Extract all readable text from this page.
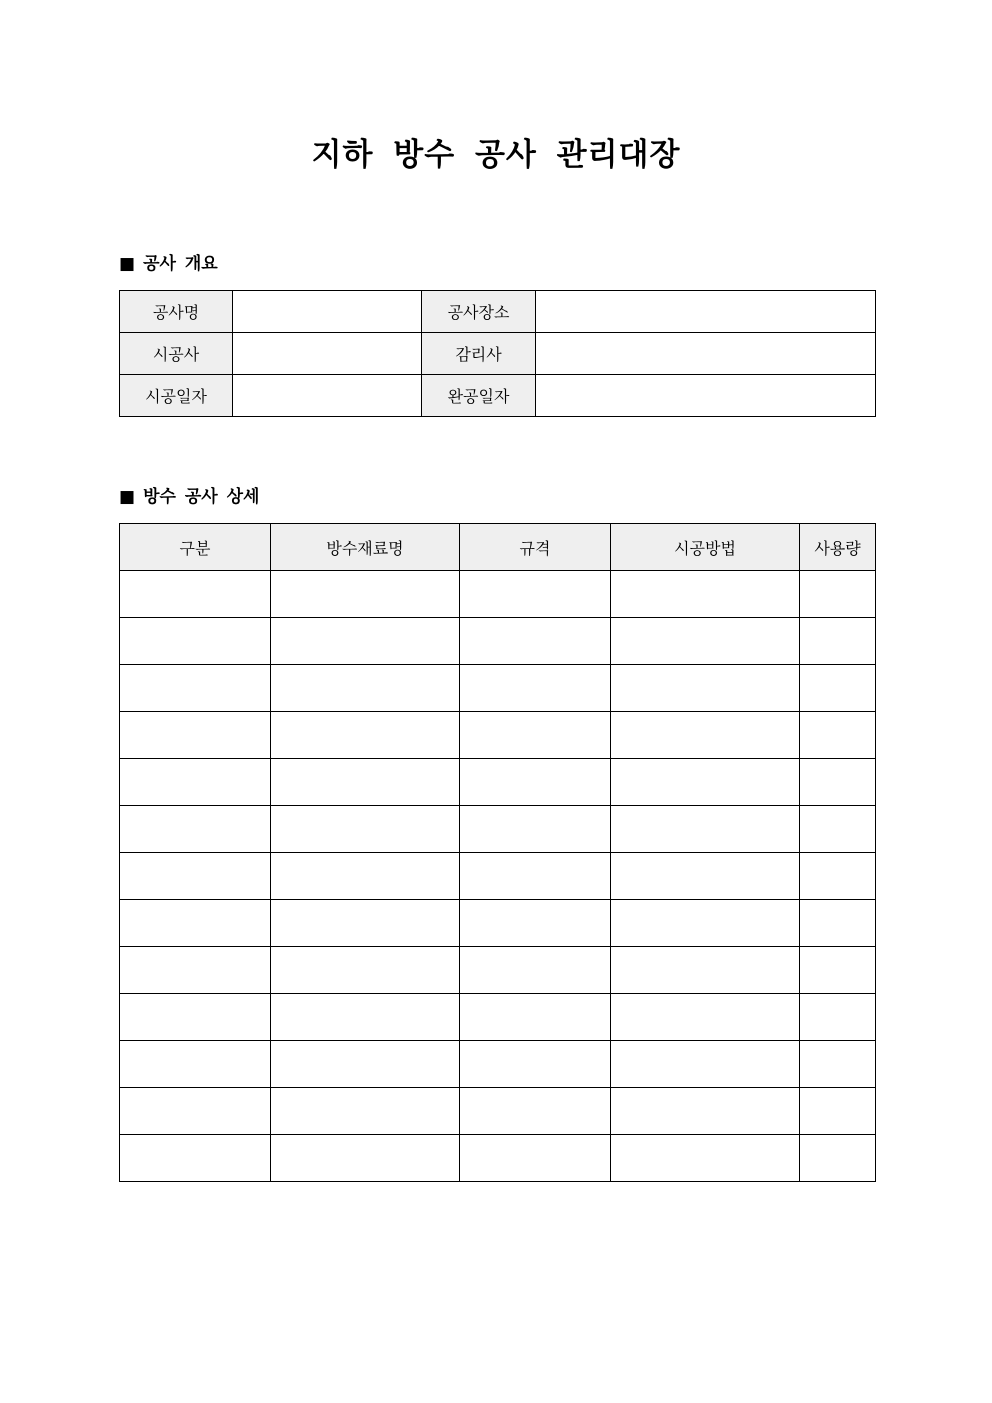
지하 방수 공사 관리대장
■ 공사 개요
공사명		공사장소	
시공사		감리사	
시공일자		완공일자	
■ 방수 공사 상세
구분	방수재료명	규격	시공방법	사용량
